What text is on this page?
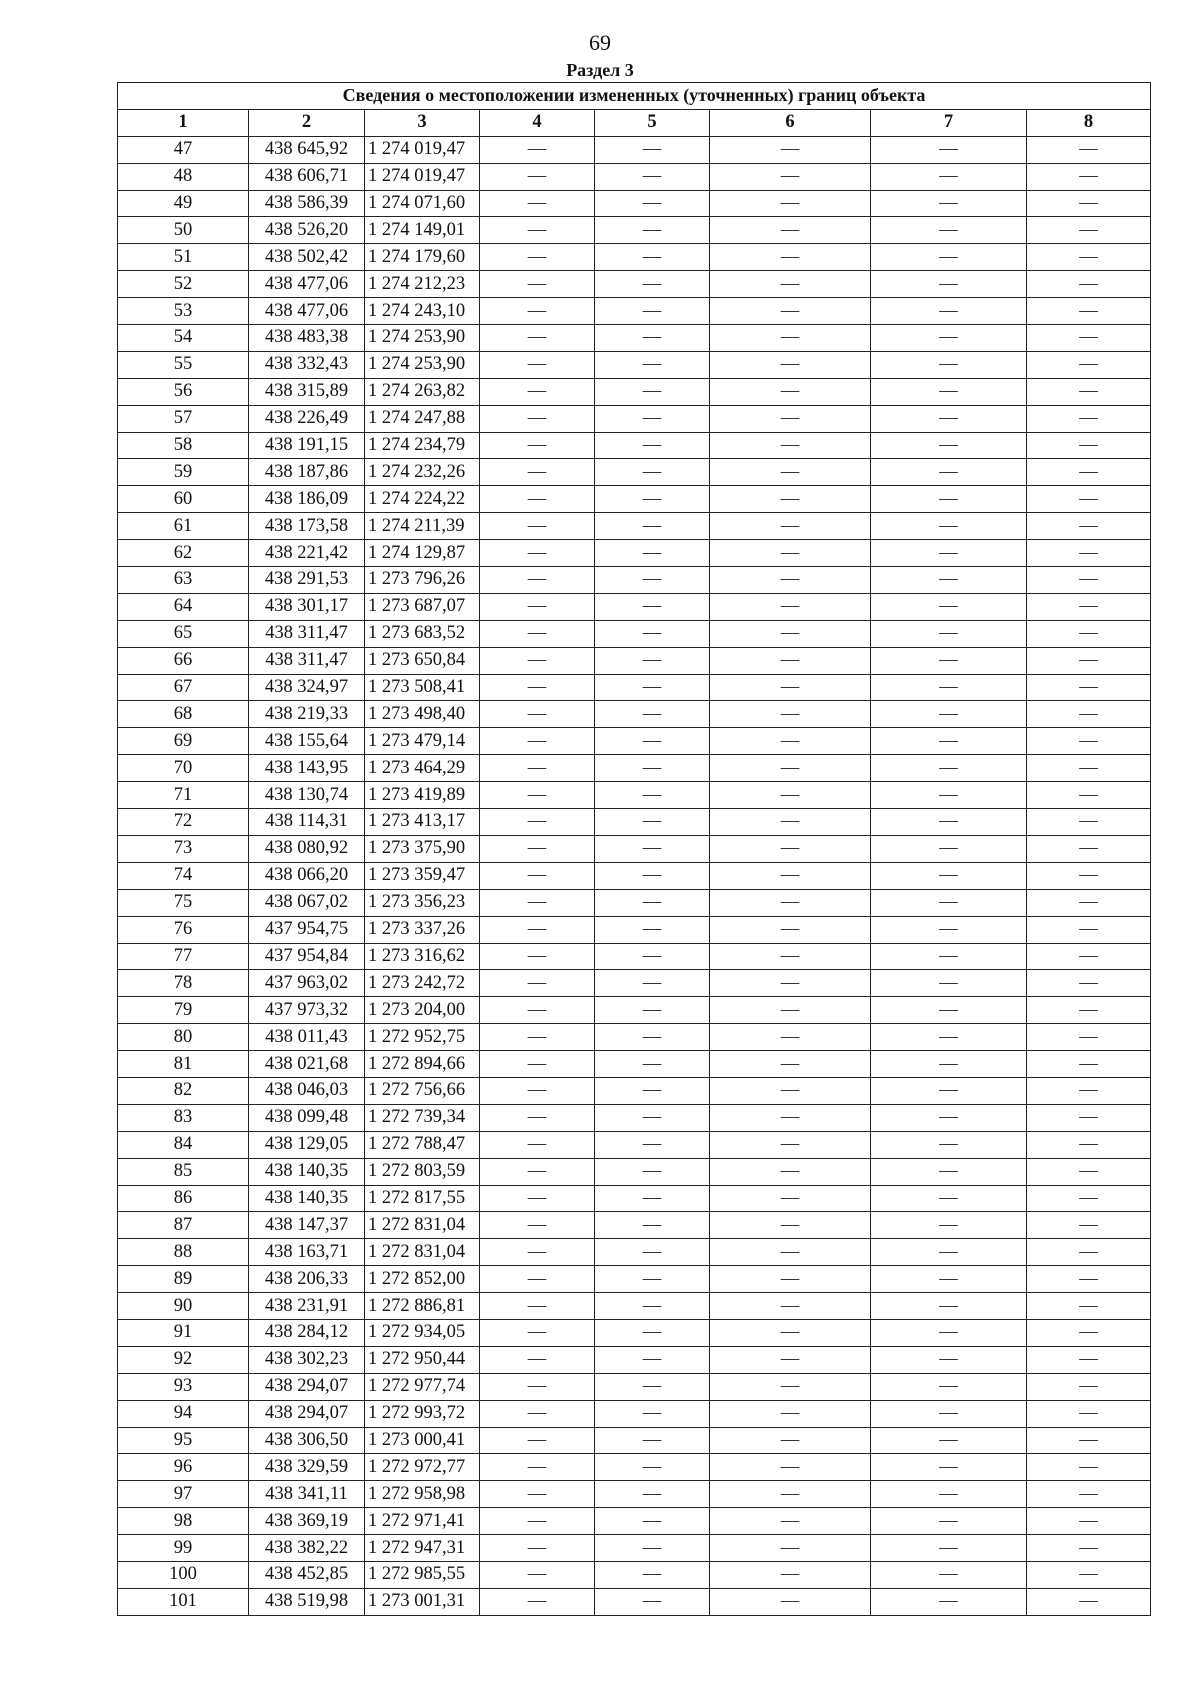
69
Раздел 3
Сведения о местоположении измененных (уточненных) границ объекта							
1	2	3	4	5	6	7	8
47	438 645,92	1 274 019,47	—	—	—	—	—
48	438 606,71	1 274 019,47	—	—	—	—	—
49	438 586,39	1 274 071,60	—	—	—	—	—
50	438 526,20	1 274 149,01	—	—	—	—	—
51	438 502,42	1 274 179,60	—	—	—	—	—
52	438 477,06	1 274 212,23	—	—	—	—	—
53	438 477,06	1 274 243,10	—	—	—	—	—
54	438 483,38	1 274 253,90	—	—	—	—	—
55	438 332,43	1 274 253,90	—	—	—	—	—
56	438 315,89	1 274 263,82	—	—	—	—	—
57	438 226,49	1 274 247,88	—	—	—	—	—
58	438 191,15	1 274 234,79	—	—	—	—	—
59	438 187,86	1 274 232,26	—	—	—	—	—
60	438 186,09	1 274 224,22	—	—	—	—	—
61	438 173,58	1 274 211,39	—	—	—	—	—
62	438 221,42	1 274 129,87	—	—	—	—	—
63	438 291,53	1 273 796,26	—	—	—	—	—
64	438 301,17	1 273 687,07	—	—	—	—	—
65	438 311,47	1 273 683,52	—	—	—	—	—
66	438 311,47	1 273 650,84	—	—	—	—	—
67	438 324,97	1 273 508,41	—	—	—	—	—
68	438 219,33	1 273 498,40	—	—	—	—	—
69	438 155,64	1 273 479,14	—	—	—	—	—
70	438 143,95	1 273 464,29	—	—	—	—	—
71	438 130,74	1 273 419,89	—	—	—	—	—
72	438 114,31	1 273 413,17	—	—	—	—	—
73	438 080,92	1 273 375,90	—	—	—	—	—
74	438 066,20	1 273 359,47	—	—	—	—	—
75	438 067,02	1 273 356,23	—	—	—	—	—
76	437 954,75	1 273 337,26	—	—	—	—	—
77	437 954,84	1 273 316,62	—	—	—	—	—
78	437 963,02	1 273 242,72	—	—	—	—	—
79	437 973,32	1 273 204,00	—	—	—	—	—
80	438 011,43	1 272 952,75	—	—	—	—	—
81	438 021,68	1 272 894,66	—	—	—	—	—
82	438 046,03	1 272 756,66	—	—	—	—	—
83	438 099,48	1 272 739,34	—	—	—	—	—
84	438 129,05	1 272 788,47	—	—	—	—	—
85	438 140,35	1 272 803,59	—	—	—	—	—
86	438 140,35	1 272 817,55	—	—	—	—	—
87	438 147,37	1 272 831,04	—	—	—	—	—
88	438 163,71	1 272 831,04	—	—	—	—	—
89	438 206,33	1 272 852,00	—	—	—	—	—
90	438 231,91	1 272 886,81	—	—	—	—	—
91	438 284,12	1 272 934,05	—	—	—	—	—
92	438 302,23	1 272 950,44	—	—	—	—	—
93	438 294,07	1 272 977,74	—	—	—	—	—
94	438 294,07	1 272 993,72	—	—	—	—	—
95	438 306,50	1 273 000,41	—	—	—	—	—
96	438 329,59	1 272 972,77	—	—	—	—	—
97	438 341,11	1 272 958,98	—	—	—	—	—
98	438 369,19	1 272 971,41	—	—	—	—	—
99	438 382,22	1 272 947,31	—	—	—	—	—
100	438 452,85	1 272 985,55	—	—	—	—	—
101	438 519,98	1 273 001,31	—	—	—	—	—
